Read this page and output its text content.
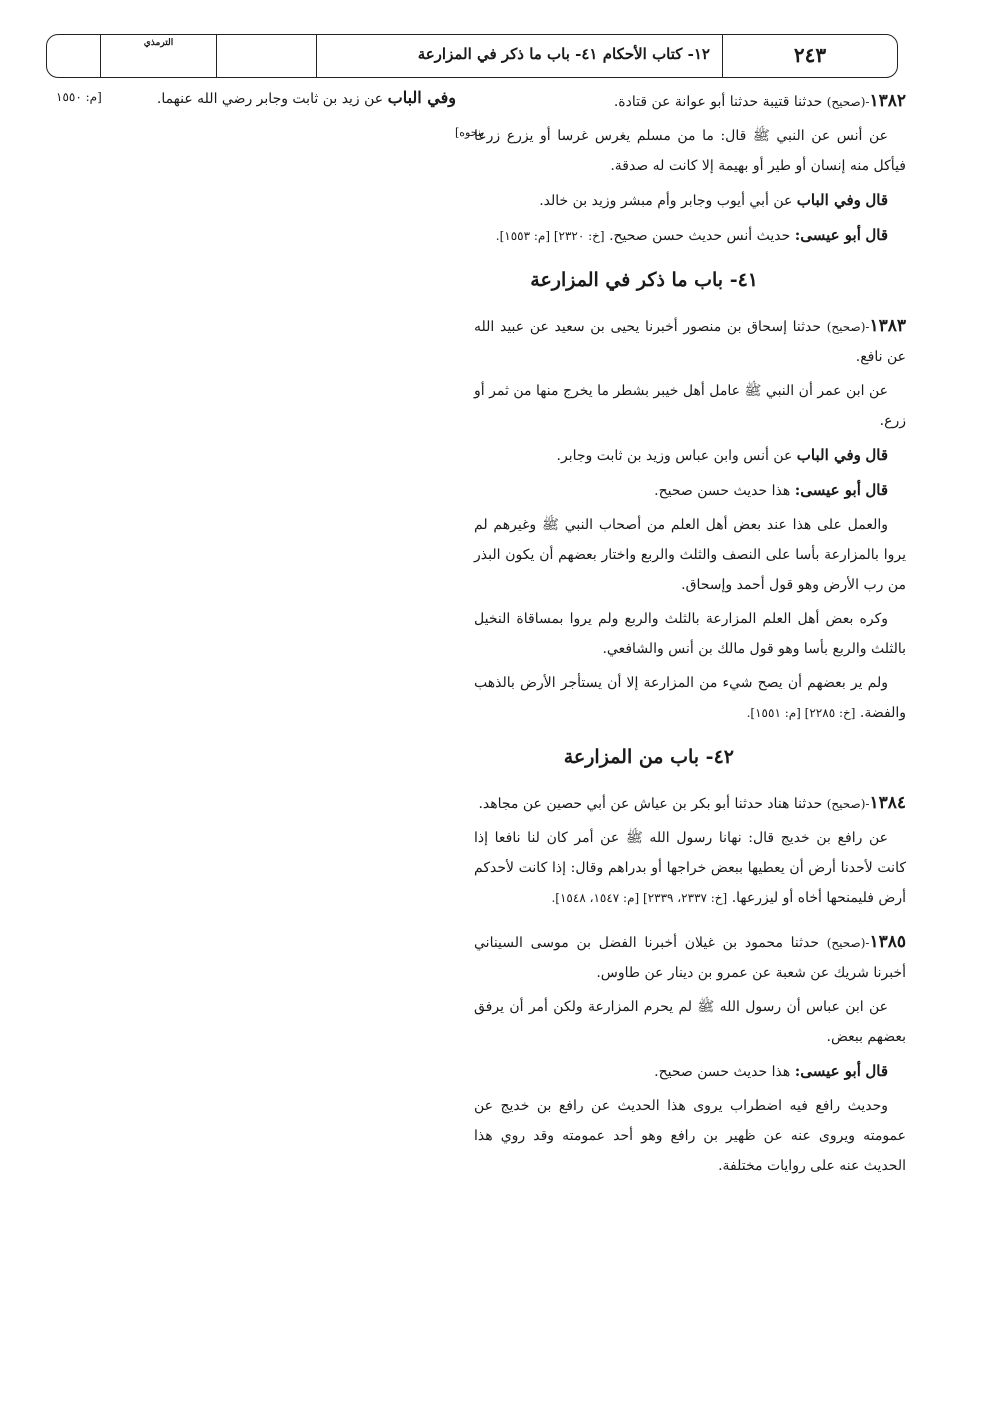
الترمذي
١٢- كتاب الأحكام ٤١- باب ما ذكر في المزارعة	٢٤٣
وفي الباب عن زيد بن ثابت وجابر رضي الله عنهما.
[م: ١٥٥٠
بنحوه]

١٣٨٢-(صحيح) حدثنا قتيبة حدثنا أبو عوانة عن قتادة.

عن أنس عن النبي ﷺ قال: ما من مسلم يغرس غرسا أو يزرع زرعا فيأكل منه إنسان أو طير أو بهيمة إلا كانت له صدقة.

قال وفي الباب عن أبي أيوب وجابر وأم مبشر وزيد بن خالد.

قال أبو عيسى: حديث أنس حديث حسن صحيح. [خ: ٢٣٢٠] [م: ١٥٥٣].

٤١- باب ما ذكر في المزارعة

١٣٨٣-(صحيح) حدثنا إسحاق بن منصور أخبرنا يحيى بن سعيد عن عبيد الله عن نافع.

عن ابن عمر أن النبي ﷺ عامل أهل خيبر بشطر ما يخرج منها من ثمر أو زرع.

قال وفي الباب عن أنس وابن عباس وزيد بن ثابت وجابر.

قال أبو عيسى: هذا حديث حسن صحيح.

والعمل على هذا عند بعض أهل العلم من أصحاب النبي ﷺ وغيرهم لم يروا بالمزارعة بأسا على النصف والثلث والربع واختار بعضهم أن يكون البذر من رب الأرض وهو قول أحمد وإسحاق.

وكره بعض أهل العلم المزارعة بالثلث والربع ولم يروا بمساقاة النخيل بالثلث والربع بأسا وهو قول مالك بن أنس والشافعي.

ولم ير بعضهم أن يصح شيء من المزارعة إلا أن يستأجر الأرض بالذهب والفضة. [خ: ٢٢٨٥] [م: ١٥٥١].

٤٢- باب من المزارعة

١٣٨٤-(صحيح) حدثنا هناد حدثنا أبو بكر بن عياش عن أبي حصين عن مجاهد.

عن رافع بن خديج قال: نهانا رسول الله ﷺ عن أمر كان لنا نافعا إذا كانت لأحدنا أرض أن يعطيها ببعض خراجها أو بدراهم وقال: إذا كانت لأحدكم أرض فليمنحها أخاه أو ليزرعها. [خ: ٢٣٣٧، ٢٣٣٩] [م: ١٥٤٧، ١٥٤٨].

١٣٨٥-(صحيح) حدثنا محمود بن غيلان أخبرنا الفضل بن موسى السيناني أخبرنا شريك عن شعبة عن عمرو بن دينار عن طاوس.

عن ابن عباس أن رسول الله ﷺ لم يحرم المزارعة ولكن أمر أن يرفق بعضهم ببعض.

قال أبو عيسى: هذا حديث حسن صحيح.

وحديث رافع فيه اضطراب يروى هذا الحديث عن رافع بن خديج عن عمومته ويروى عنه عن ظهير بن رافع وهو أحد عمومته وقد روي هذا الحديث عنه على روايات مختلفة.
